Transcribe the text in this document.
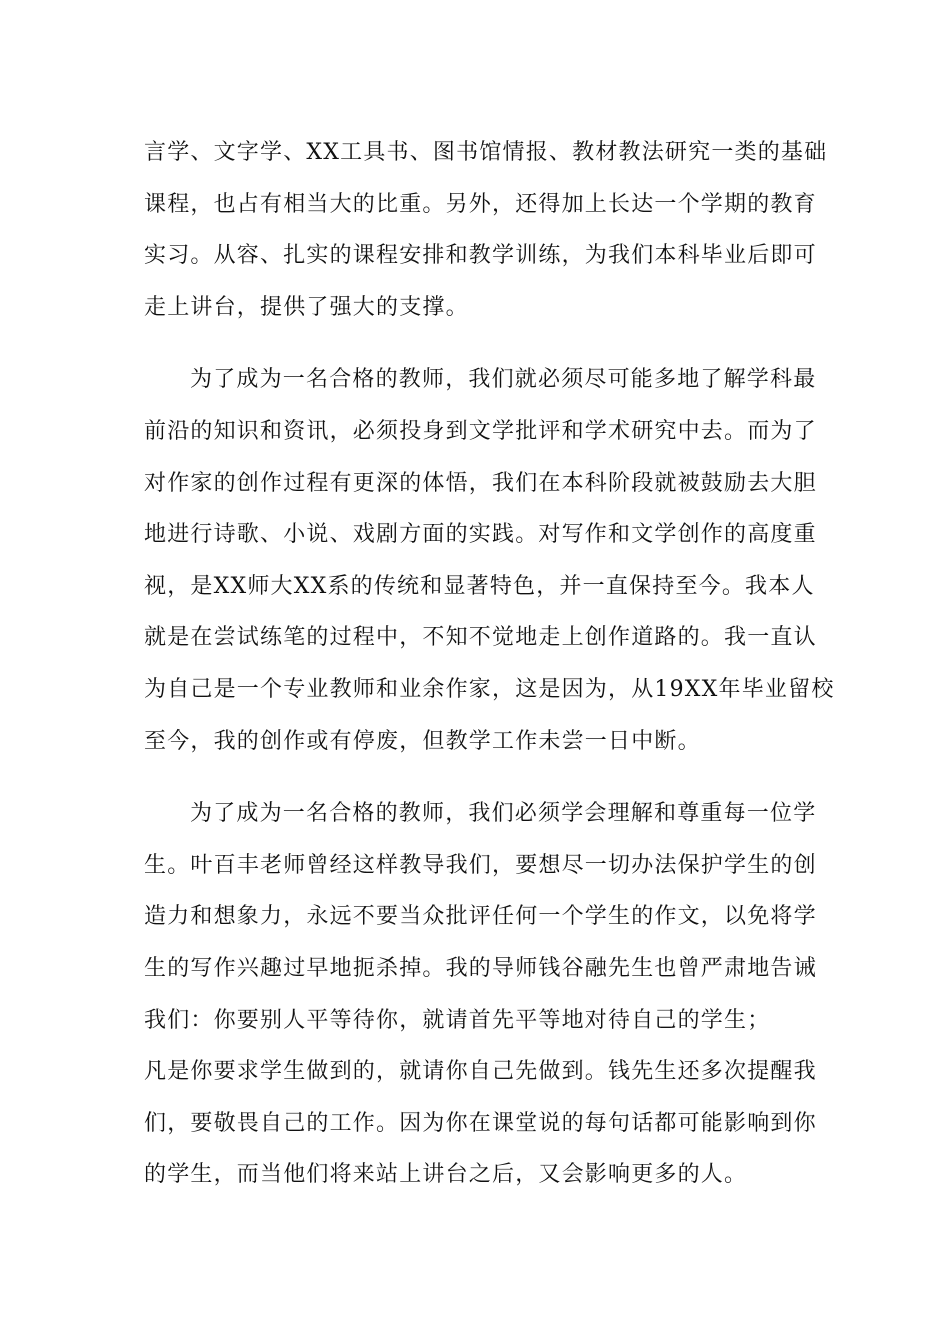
言学、文字学、XX工具书、图书馆情报、教材教法研究一类的基础
课程，也占有相当大的比重。另外，还得加上长达一个学期的教育
实习。从容、扎实的课程安排和教学训练，为我们本科毕业后即可
走上讲台，提供了强大的支撑。
为了成为一名合格的教师，我们就必须尽可能多地了解学科最
前沿的知识和资讯，必须投身到文学批评和学术研究中去。而为了
对作家的创作过程有更深的体悟，我们在本科阶段就被鼓励去大胆
地进行诗歌、小说、戏剧方面的实践。对写作和文学创作的高度重
视，是XX师大XX系的传统和显著特色，并一直保持至今。我本人
就是在尝试练笔的过程中，不知不觉地走上创作道路的。我一直认
为自己是一个专业教师和业余作家，这是因为，从19XX年毕业留校
至今，我的创作或有停废，但教学工作未尝一日中断。
为了成为一名合格的教师，我们必须学会理解和尊重每一位学
生。叶百丰老师曾经这样教导我们，要想尽一切办法保护学生的创
造力和想象力，永远不要当众批评任何一个学生的作文，以免将学
生的写作兴趣过早地扼杀掉。我的导师钱谷融先生也曾严肃地告诫
我们：你要别人平等待你，就请首先平等地对待自己的学生；
凡是你要求学生做到的，就请你自己先做到。钱先生还多次提醒我
们，要敬畏自己的工作。因为你在课堂说的每句话都可能影响到你
的学生，而当他们将来站上讲台之后，又会影响更多的人。
